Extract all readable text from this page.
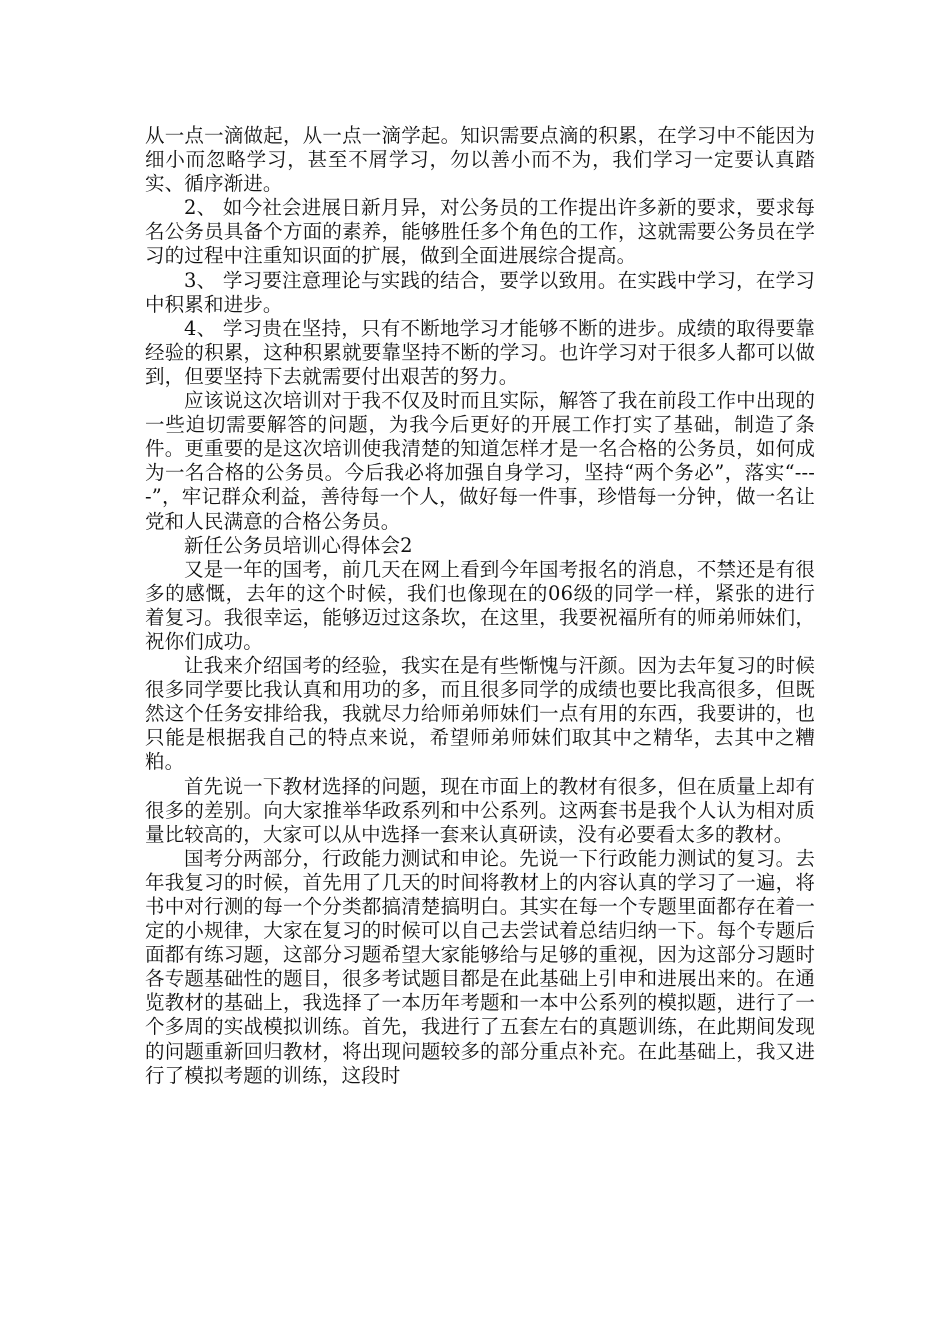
从一点一滴做起，从一点一滴学起。知识需要点滴的积累，在学习中不能因为细小而忽略学习，甚至不屑学习，勿以善小而不为，我们学习一定要认真踏实、循序渐进。

2、 如今社会进展日新月异，对公务员的工作提出许多新的要求，要求每名公务员具备个方面的素养，能够胜任多个角色的工作，这就需要公务员在学习的过程中注重知识面的扩展，做到全面进展综合提高。

3、 学习要注意理论与实践的结合，要学以致用。在实践中学习，在学习中积累和进步。

4、 学习贵在坚持，只有不断地学习才能够不断的进步。成绩的取得要靠经验的积累，这种积累就要靠坚持不断的学习。也许学习对于很多人都可以做到，但要坚持下去就需要付出艰苦的努力。

应该说这次培训对于我不仅及时而且实际，解答了我在前段工作中出现的一些迫切需要解答的问题，为我今后更好的开展工作打实了基础，制造了条件。更重要的是这次培训使我清楚的知道怎样才是一名合格的公务员，如何成为一名合格的公务员。今后我必将加强自身学习，坚持“两个务必”，落实“----”，牢记群众利益，善待每一个人，做好每一件事，珍惜每一分钟，做一名让党和人民满意的合格公务员。

新任公务员培训心得体会2

又是一年的国考，前几天在网上看到今年国考报名的消息，不禁还是有很多的感慨，去年的这个时候，我们也像现在的06级的同学一样，紧张的进行着复习。我很幸运，能够迈过这条坎，在这里，我要祝福所有的师弟师妹们，祝你们成功。

让我来介绍国考的经验，我实在是有些惭愧与汗颜。因为去年复习的时候很多同学要比我认真和用功的多，而且很多同学的成绩也要比我高很多，但既然这个任务安排给我，我就尽力给师弟师妹们一点有用的东西，我要讲的，也只能是根据我自己的特点来说，希望师弟师妹们取其中之精华，去其中之糟粕。

首先说一下教材选择的问题，现在市面上的教材有很多，但在质量上却有很多的差别。向大家推举华政系列和中公系列。这两套书是我个人认为相对质量比较高的，大家可以从中选择一套来认真研读，没有必要看太多的教材。

国考分两部分，行政能力测试和申论。先说一下行政能力测试的复习。去年我复习的时候，首先用了几天的时间将教材上的内容认真的学习了一遍，将书中对行测的每一个分类都搞清楚搞明白。其实在每一个专题里面都存在着一定的小规律，大家在复习的时候可以自己去尝试着总结归纳一下。每个专题后面都有练习题，这部分习题希望大家能够给与足够的重视，因为这部分习题时各专题基础性的题目，很多考试题目都是在此基础上引申和进展出来的。在通览教材的基础上，我选择了一本历年考题和一本中公系列的模拟题，进行了一个多周的实战模拟训练。首先，我进行了五套左右的真题训练，在此期间发现的问题重新回归教材，将出现问题较多的部分重点补充。在此基础上，我又进行了模拟考题的训练，这段时
